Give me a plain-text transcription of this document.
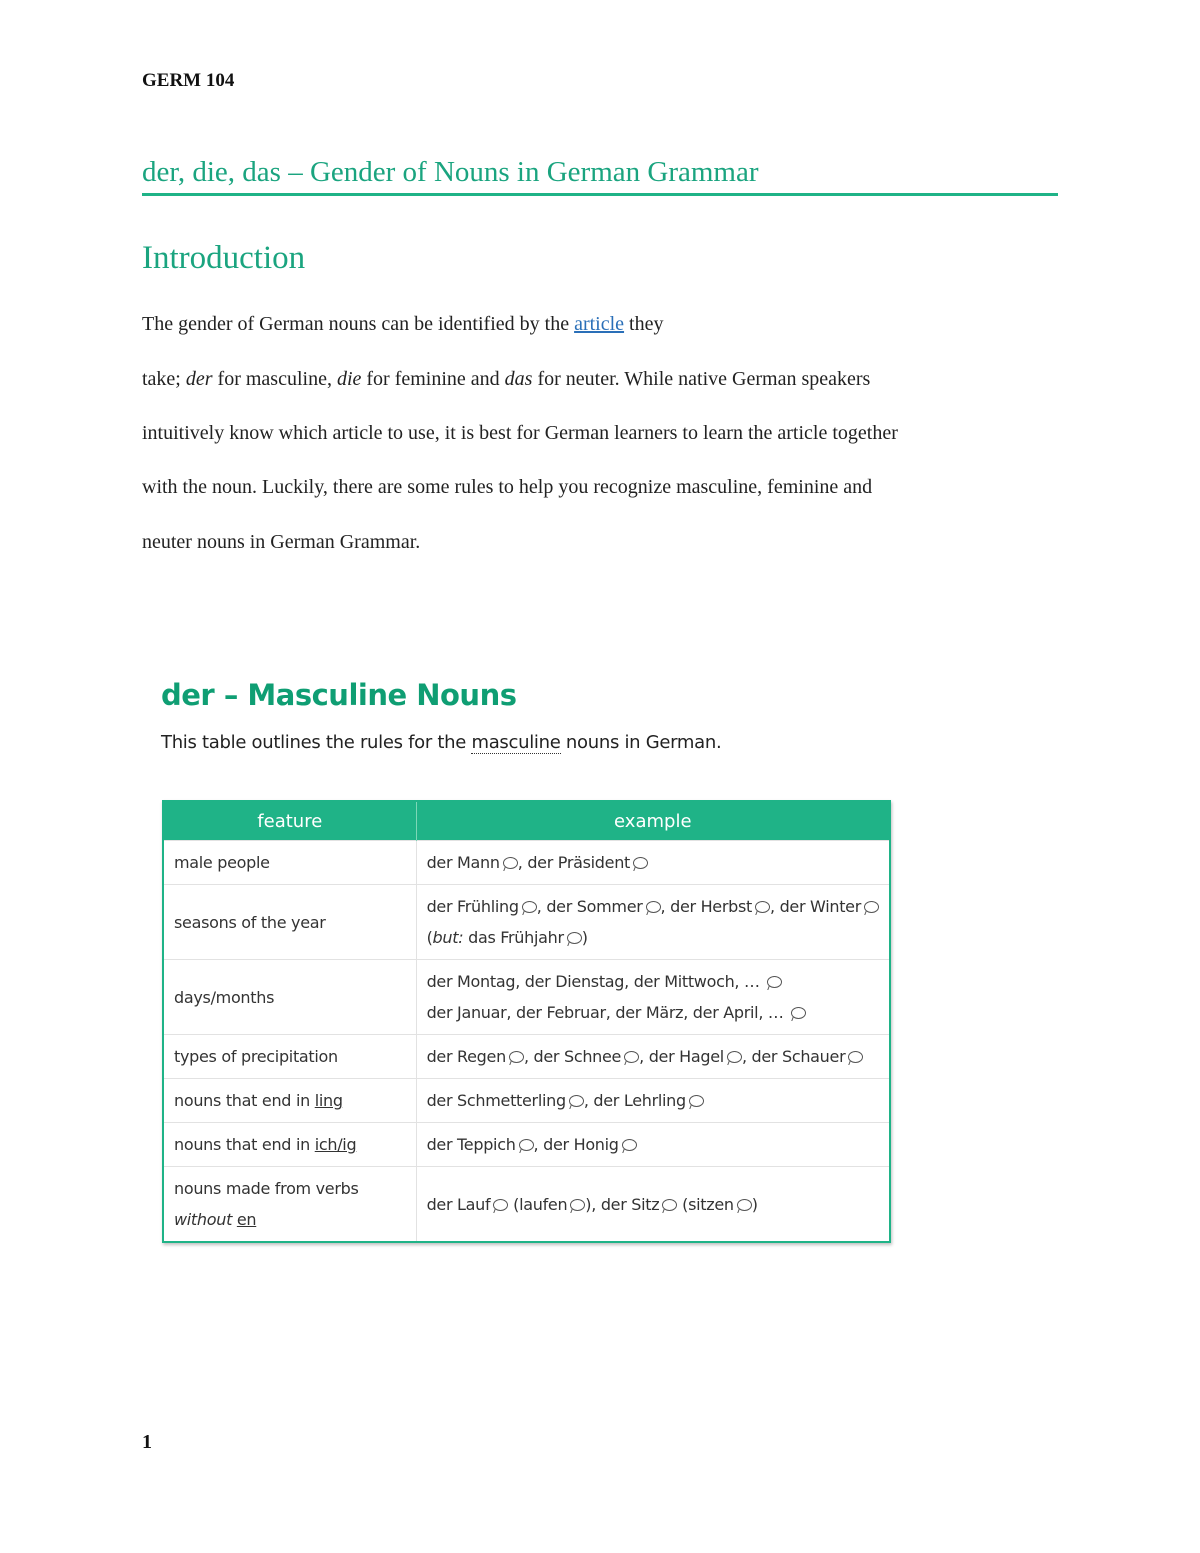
GERM 104
der, die, das – Gender of Nouns in German Grammar
Introduction
The gender of German nouns can be identified by the article they
take; der for masculine, die for feminine and das for neuter. While native German speakers
intuitively know which article to use, it is best for German learners to learn the article together
with the noun. Luckily, there are some rules to help you recognize masculine, feminine and
neuter nouns in German Grammar.
der – Masculine Nouns
This table outlines the rules for the masculine nouns in German.
feature	example
male people	der Mann , der Präsident
seasons of the year	der Frühling , der Sommer , der Herbst , der Winter
(but: das Frühjahr )
days/months	der Montag, der Dienstag, der Mittwoch, …
der Januar, der Februar, der März, der April, …
types of precipitation	der Regen , der Schnee , der Hagel , der Schauer
nouns that end in ling	der Schmetterling , der Lehrling
nouns that end in ich/ig	der Teppich , der Honig
nouns made from verbs without en	der Lauf (laufen ), der Sitz (sitzen )
1
